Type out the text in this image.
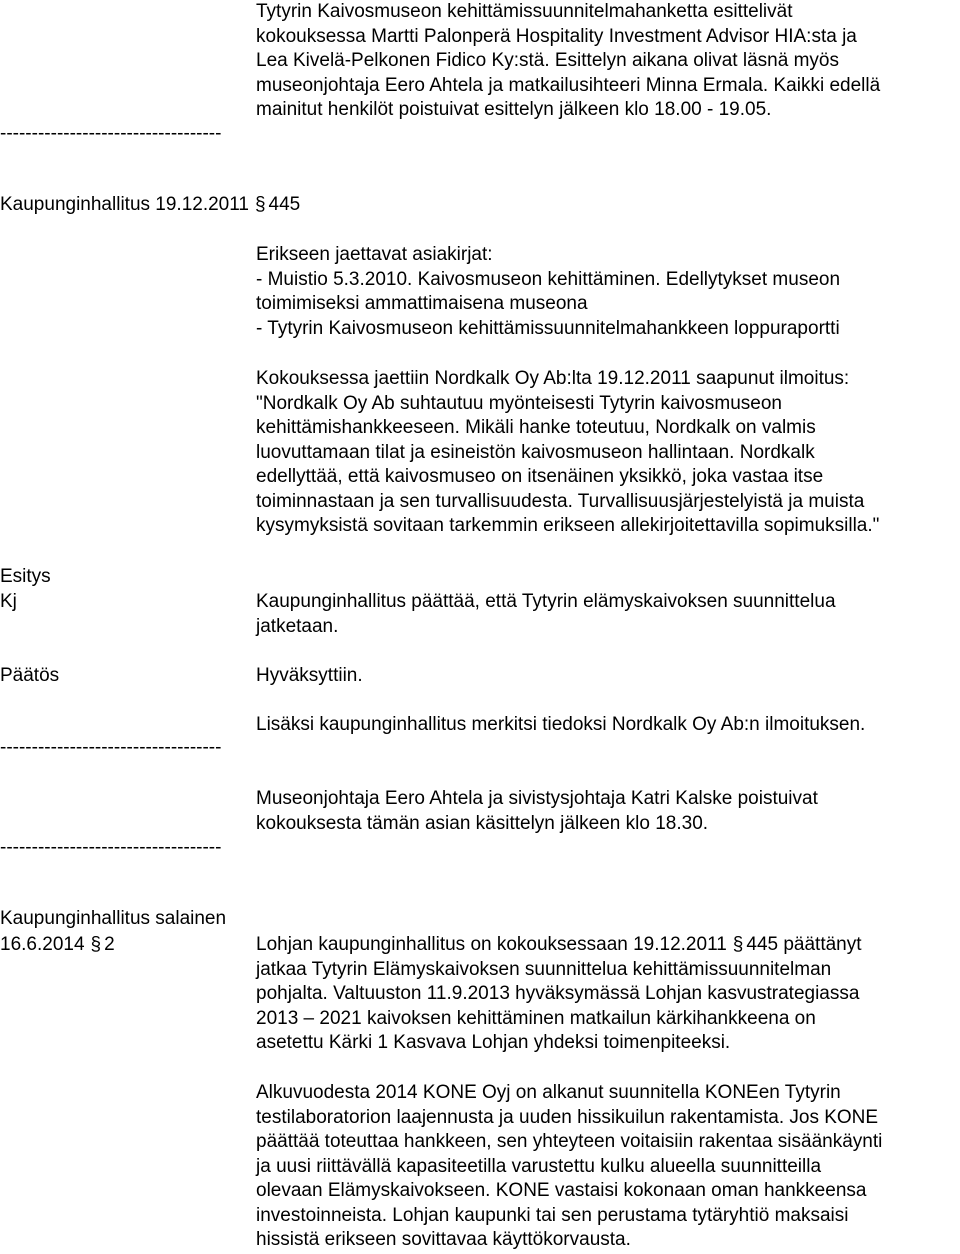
Tytyrin Kaivosmuseon kehittämissuunnitelmahanketta esittelivät

kokouksessa Martti Palonperä Hospitality Investment Advisor HIA:sta ja

Lea Kivelä-Pelkonen Fidico Ky:stä. Esittelyn aikana olivat läsnä myös

museonjohtaja Eero Ahtela ja matkailusihteeri Minna Ermala. Kaikki edellä

mainitut henkilöt poistuivat esittelyn jälkeen klo 18.00 - 19.05.

-----------------------------------
Kaupunginhallitus 19.12.2011 § 445

Erikseen jaettavat asiakirjat:

- Muistio 5.3.2010. Kaivosmuseon kehittäminen. Edellytykset museon

toimimiseksi ammattimaisena museona

- Tytyrin Kaivosmuseon kehittämissuunnitelmahankkeen loppuraportti

Kokouksessa jaettiin Nordkalk Oy Ab:lta 19.12.2011 saapunut ilmoitus:

"Nordkalk Oy Ab suhtautuu myönteisesti Tytyrin kaivosmuseon

kehittämishankkeeseen. Mikäli hanke toteutuu, Nordkalk on valmis

luovuttamaan tilat ja esineistön kaivosmuseon hallintaan. Nordkalk

edellyttää, että kaivosmuseo on itsenäinen yksikkö, joka vastaa itse

toiminnastaan ja sen turvallisuudesta. Turvallisuusjärjestelyistä ja muista

kysymyksistä sovitaan tarkemmin erikseen allekirjoitettavilla sopimuksilla."

Esitys
Kj	Kaupunginhallitus päättää, että Tytyrin elämyskaivoksen suunnittelua

jatketaan.

Päätös	Hyväksyttiin.
Lisäksi kaupunginhallitus merkitsi tiedoksi Nordkalk Oy Ab:n ilmoituksen.
-----------------------------------

Museonjohtaja Eero Ahtela ja sivistysjohtaja Katri Kalske poistuivat

kokouksesta tämän asian käsittelyn jälkeen klo 18.30.

-----------------------------------
Kaupunginhallitus salainen
16.6.2014 § 2	Lohjan kaupunginhallitus on kokouksessaan 19.12.2011 § 445 päättänyt

jatkaa Tytyrin Elämyskaivoksen suunnittelua kehittämissuunnitelman

pohjalta. Valtuuston 11.9.2013 hyväksymässä Lohjan kasvustrategiassa

2013 – 2021 kaivoksen kehittäminen matkailun kärkihankkeena on

asetettu Kärki 1 Kasvava Lohjan yhdeksi toimenpiteeksi.

Alkuvuodesta 2014 KONE Oyj on alkanut suunnitella KONEen Tytyrin

testilaboratorion laajennusta ja uuden hissikuilun rakentamista. Jos KONE

päättää toteuttaa hankkeen, sen yhteyteen voitaisiin rakentaa sisäänkäynti

ja uusi riittävällä kapasiteetilla varustettu kulku alueella suunnitteilla

olevaan Elämyskaivokseen. KONE vastaisi kokonaan oman hankkeensa

investoinneista. Lohjan kaupunki tai sen perustama tytäryhtiö maksaisi

hissistä erikseen sovittavaa käyttökorvausta.
